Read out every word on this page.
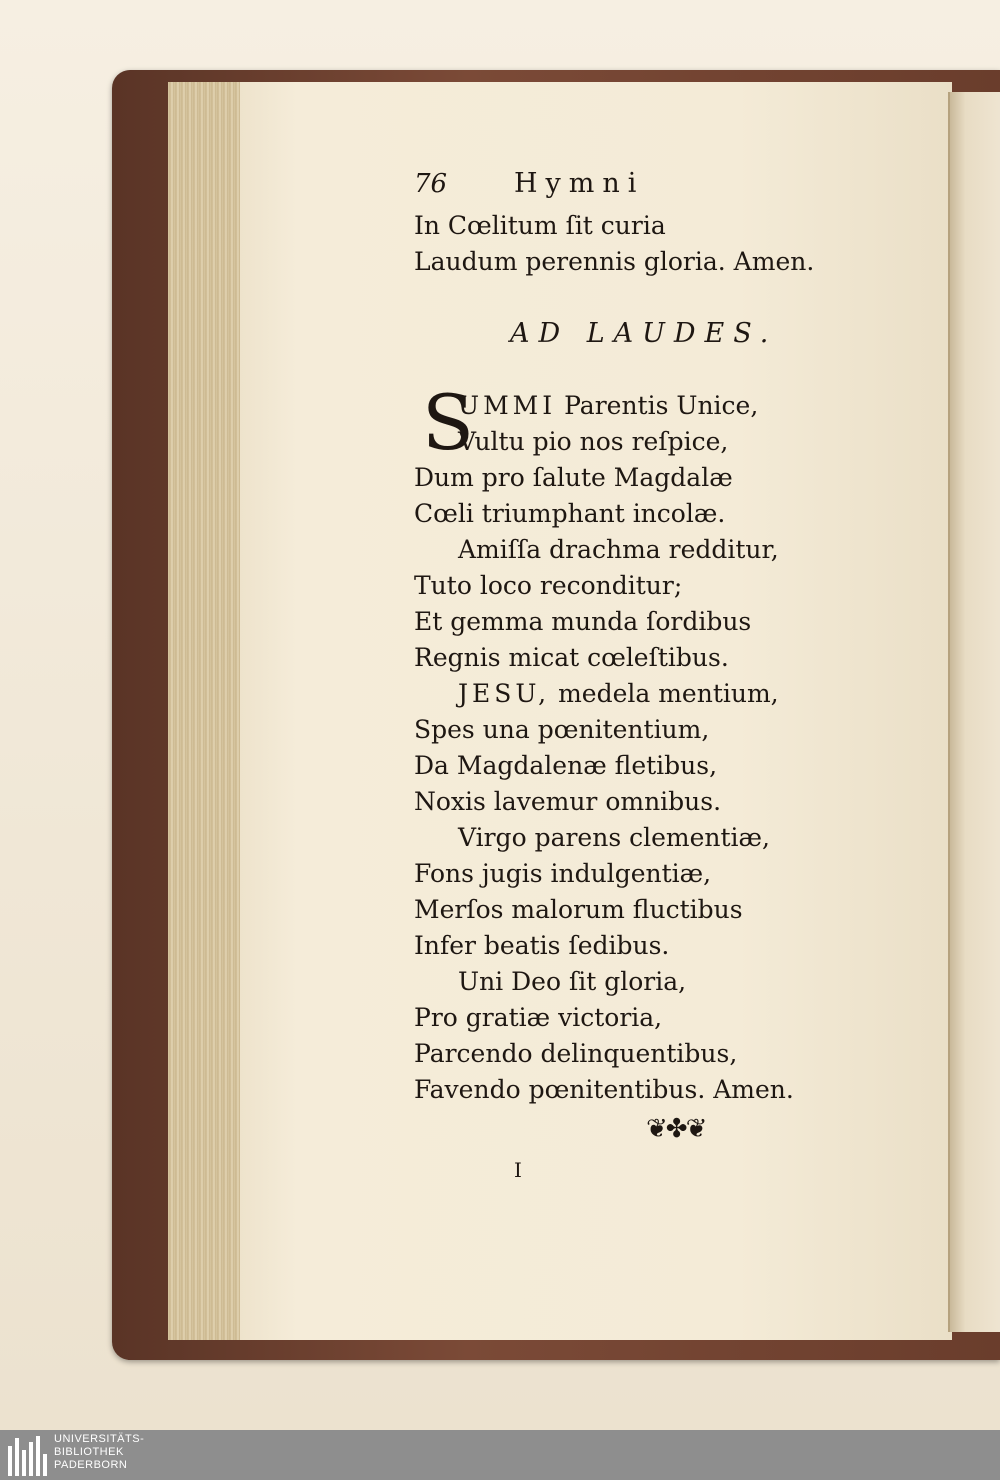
76	Hymni
In Cœlitum ſit curia
Laudum perennis gloria. Amen.
AD LAUDES.
S
UMMI Parentis Unice,
Vultu pio nos reſpice,
Dum pro ſalute Magdalæ
Cœli triumphant incolæ.
Amiſſa drachma redditur,
Tuto loco reconditur;
Et gemma munda ſordibus
Regnis micat cœleſtibus.
JESU, medela mentium,
Spes una pœnitentium,
Da Magdalenæ fletibus,
Noxis lavemur omnibus.
Virgo parens clementiæ,
Fons jugis indulgentiæ,
Merſos malorum fluctibus
Infer beatis ſedibus.
Uni Deo ſit gloria,
Pro gratiæ victoria,
Parcendo delinquentibus,
Favendo pœnitentibus. Amen.
❦✤❦
I
UNIVERSITÄTS-
BIBLIOTHEK
PADERBORN
